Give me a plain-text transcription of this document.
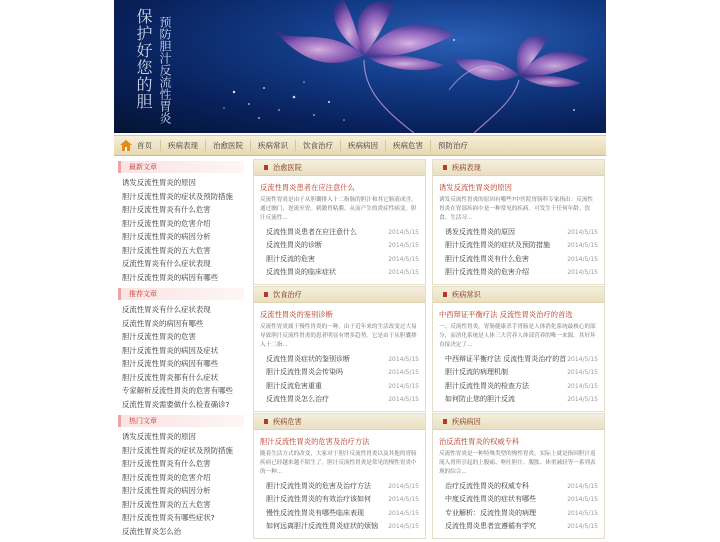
保护好您的胆 预防胆汁反流性胃炎
首页	疾病表现	治愈医院	疾病常识	饮食治疗	疾病病因	疾病危害	预防治疗
最新文章
诱发反流性胃炎的原因
胆汁反流性胃炎的症状及预防措施
胆汁反流性胃炎有什么危害
胆汁反流性胃炎的危害介绍
胆汁反流性胃炎的病因分析
胆汁反流性胃炎的五大危害
反流性胃炎有什么症状表现
胆汁反流性胃炎的病因有哪些
推荐文章
反流性胃炎有什么症状表现
反流性胃炎的病因有哪些
胆汁反流性胃炎的危害
胆汁反流性胃炎的病因及症状
胆汁反流性胃炎的病因有哪些
胆汁反流性胃炎都有什么症状
专家解析反流性胃炎的危害有哪些
反流性胃炎需要做什么检查确诊?
热门文章
诱发反流性胃炎的原因
胆汁反流性胃炎的症状及预防措施
胆汁反流性胃炎有什么危害
胆汁反流性胃炎的危害介绍
胆汁反流性胃炎的病因分析
胆汁反流性胃炎的五大危害
胆汁反流性胃炎有哪些症状?
反流性胃炎怎么治
治愈医院
反流性胃炎患者在应注意什么
反流性胃炎是由于从胆囊排入十二指肠的胆汁和其它肠液成含。通过幽门、逆流至胃。刺激胃粘膜。从而产生的炎症性病变。胆汁反流性...
反流性胃炎患者在应注意什么	2014/5/15
反流性胃炎的诊断	2014/5/15
胆汁反流的危害	2014/5/15
反流性胃炎的临床症状	2014/5/15
疾病表现
诱发反流性胃炎的原因
诱发反流性胃炎的原因有哪些?中医院胃肠科专家指出：反流性胃炎在胃部疾病中是一种常见的疾病。可发生于任何年龄。饮食、生活习...
诱发反流性胃炎的原因	2014/5/15
胆汁反流性胃炎的症状及预防措施	2014/5/15
胆汁反流性胃炎有什么危害	2014/5/15
胆汁反流性胃炎的危害介绍	2014/5/15
饮食治疗
反流性胃炎的鉴别诊断
反流性胃炎属于慢性胃炎的一种。由于近年来的生活改变过大易导致胆汁反流性胃炎的患者明显有增多趋势。它是由于从胆囊排入十二指...
反流性胃炎症状的鉴别诊断	2014/5/15
胆汁反流性胃炎会传染吗	2014/5/15
胆汁反流危害重重	2014/5/15
反流性胃炎怎么治疗	2014/5/15
疾病常识
中西辩证平衡疗法 反流性胃炎治疗的首选
一、反流性胃炎，胃肠健康杀手胃肠是人体消化系统最核心的部分，而消化系统是人体三大营养人体部营养的唯一来源。其好坏直接决定了...
中西辩证平衡疗法 反流性胃炎治疗的首 2014/5/15
胆汁反流的病理机制	2014/5/15
胆汁反流性胃炎的检查方法	2014/5/15
如何防止您的胆汁反流	2014/5/15
疾病危害
胆汁反流性胃炎的危害及治疗方法
随着生活方式的改变，大家对于胆汁反流性胃炎以及其他的胃肠疾病已经越来越不陌生了。胆汁反流性胃炎是常见的慢性胃炎中的一种...
胆汁反流性胃炎的危害及治疗方法	2014/5/15
胆汁反流性胃炎的有效治疗该如何	2014/5/15
慢性反流性胃炎有哪些临床表现	2014/5/15
如何远离胆汁反流性胃炎症状的烦恼 2014/5/15
疾病病因
治反流性胃炎的权威专科
反流性胃炎是一种特殊类型的慢性胃炎，实际上就是指因胆汁返流入胃所引起的上腹痛、呕吐胆汁、腹胀、体重减轻等一系列表现的综合...
治疗反流性胃炎的权威专科	2014/5/15
中度反流性胃炎的症状有哪些	2014/5/15
专业解析：反流性胃炎的病理	2014/5/15
反流性胃炎患者宜遵循有学究	2014/5/15
